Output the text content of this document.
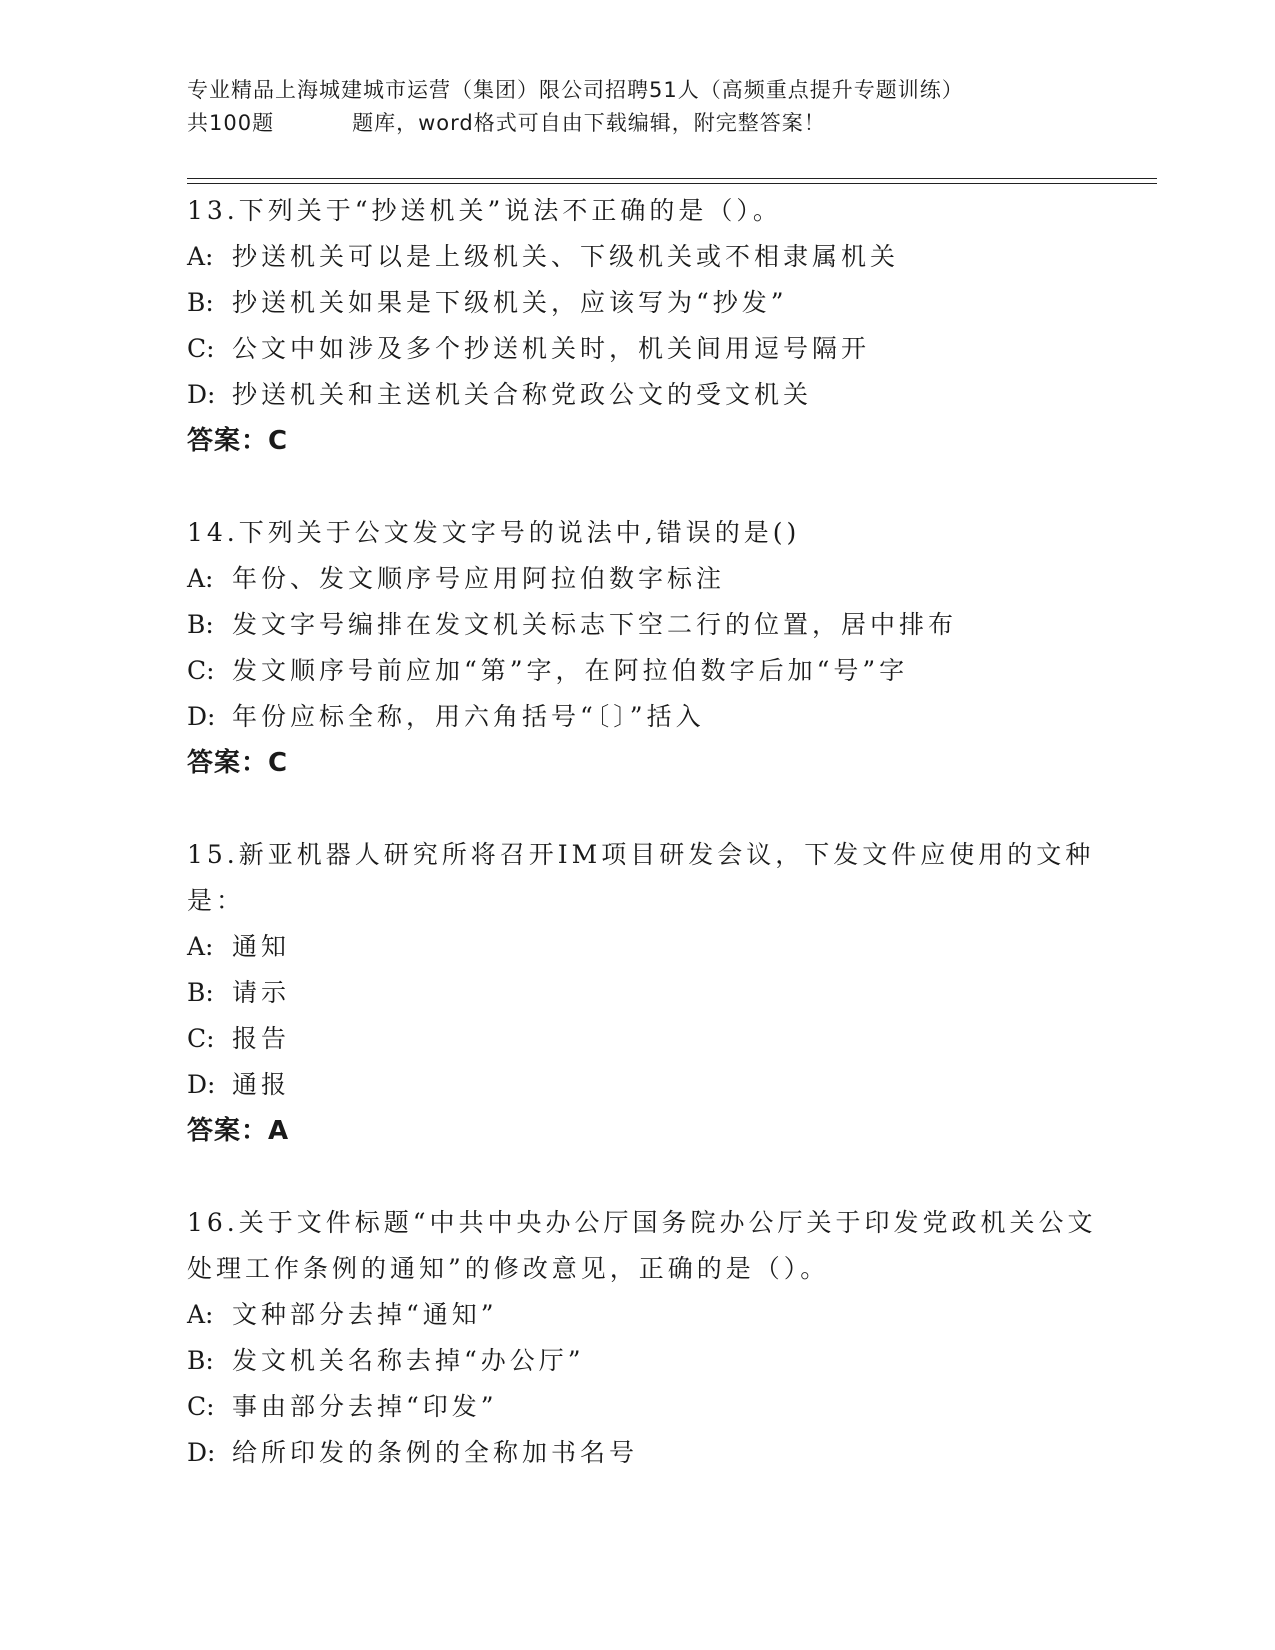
专业精品上海城建城市运营（集团）限公司招聘51人（高频重点提升专题训练）
共100题	题库，word格式可自由下载编辑，附完整答案！

13.下列关于“抄送机关”说法不正确的是（）。

A: 抄送机关可以是上级机关、下级机关或不相隶属机关

B: 抄送机关如果是下级机关，应该写为“抄发”

C: 公文中如涉及多个抄送机关时，机关间用逗号隔开

D: 抄送机关和主送机关合称党政公文的受文机关

答案：C

14.下列关于公文发文字号的说法中,错误的是()

A: 年份、发文顺序号应用阿拉伯数字标注

B: 发文字号编排在发文机关标志下空二行的位置，居中排布

C: 发文顺序号前应加“第”字，在阿拉伯数字后加“号”字

D: 年份应标全称，用六角括号“〔〕”括入

答案：C

15.新亚机器人研究所将召开IM项目研发会议，下发文件应使用的文种是：

A: 通知

B: 请示

C: 报告

D: 通报

答案：A

16.关于文件标题“中共中央办公厅国务院办公厅关于印发党政机关公文处理工作条例的通知”的修改意见，正确的是（）。

A: 文种部分去掉“通知”

B: 发文机关名称去掉“办公厅”

C: 事由部分去掉“印发”

D: 给所印发的条例的全称加书名号
